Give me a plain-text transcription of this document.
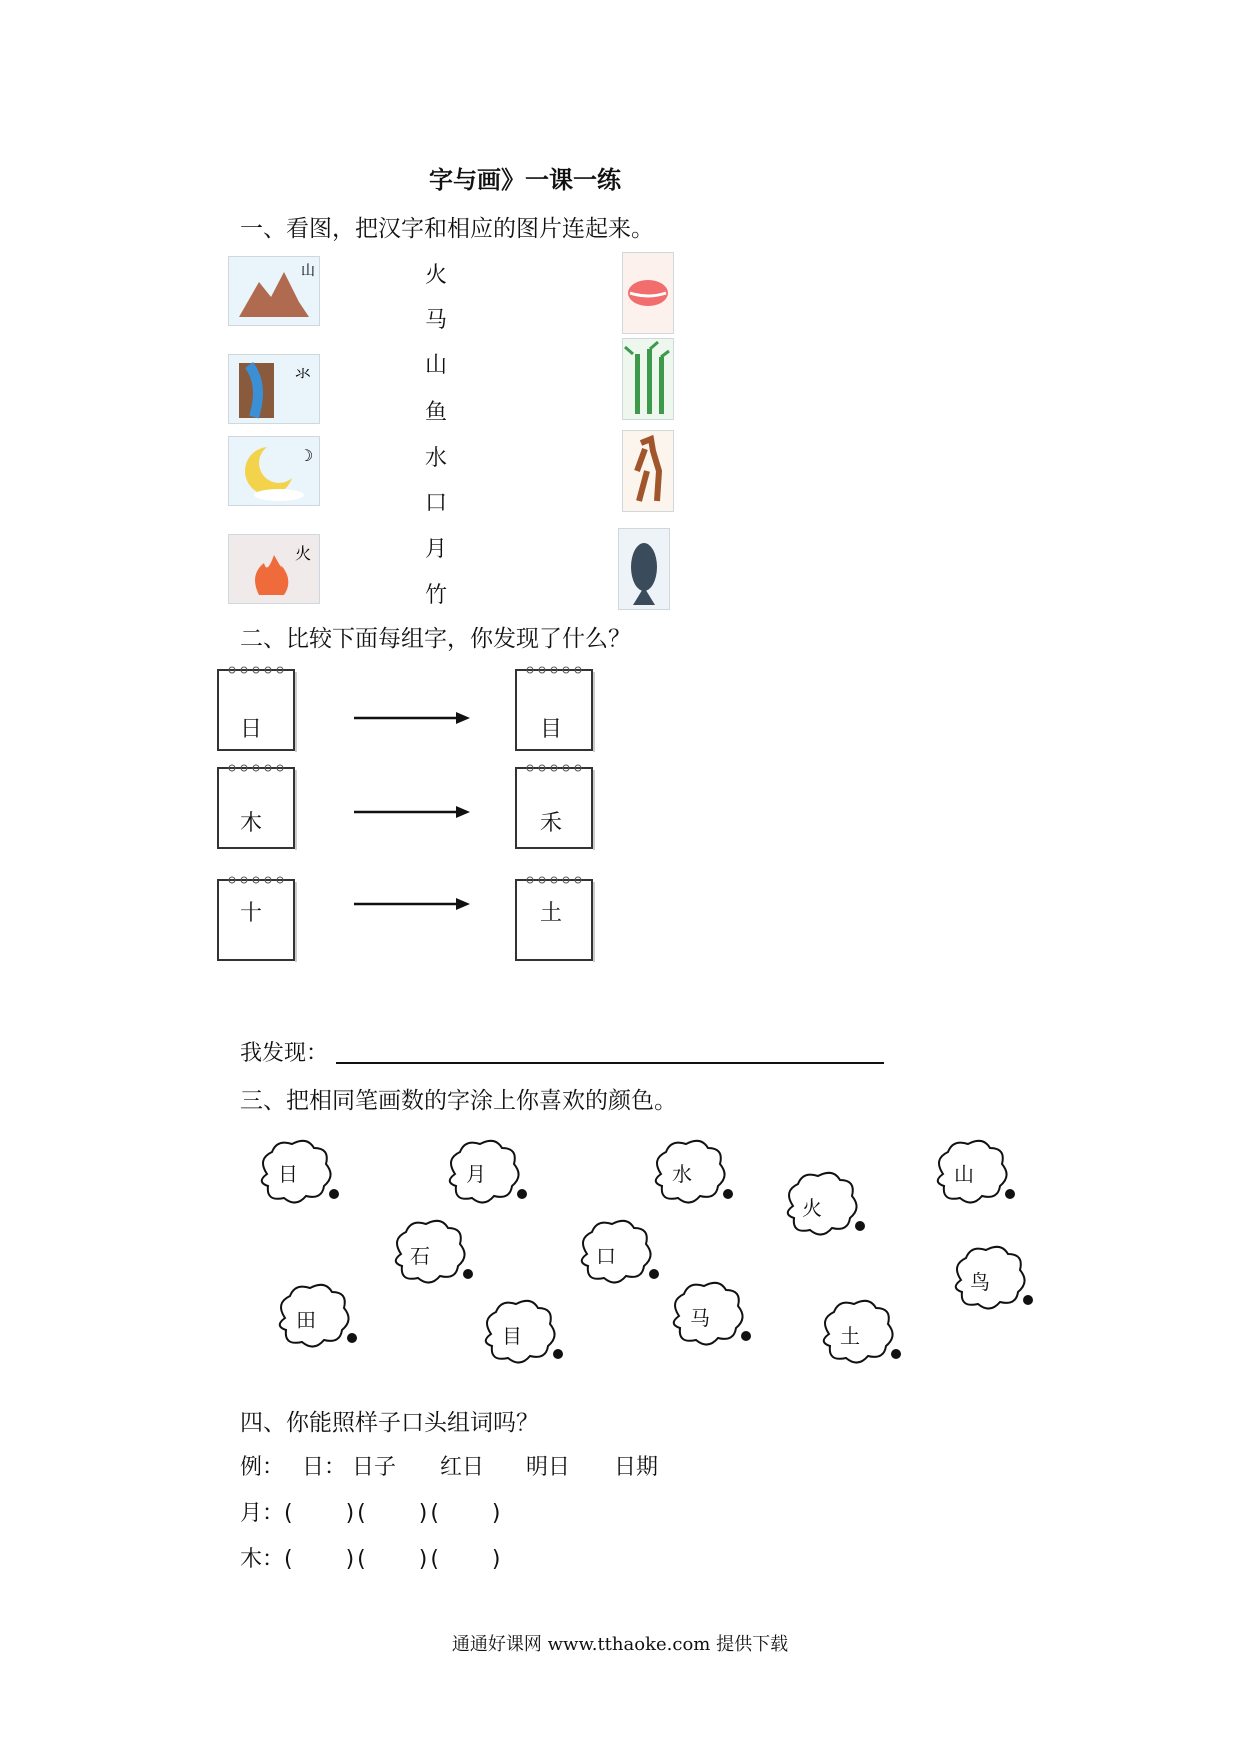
字与画》一课一练
一、看图，把汉字和相应的图片连起来。
山
氺
☽
火
火
马
山
鱼
水
口
月
竹
二、比较下面每组字，你发现了什么？
日	目
木	禾
十	土
我发现：
三、把相同笔画数的字涂上你喜欢的颜色。
日	月	水
火
山
石	口
鸟
田
目
马
土
四、你能照样子口头组词吗？
例： 日： 日子 红日 明日 日期
月： (　　)(　　)(　　)
木： (　　)(　　)(　　)
通通好课网 www.tthaoke.com 提供下载
